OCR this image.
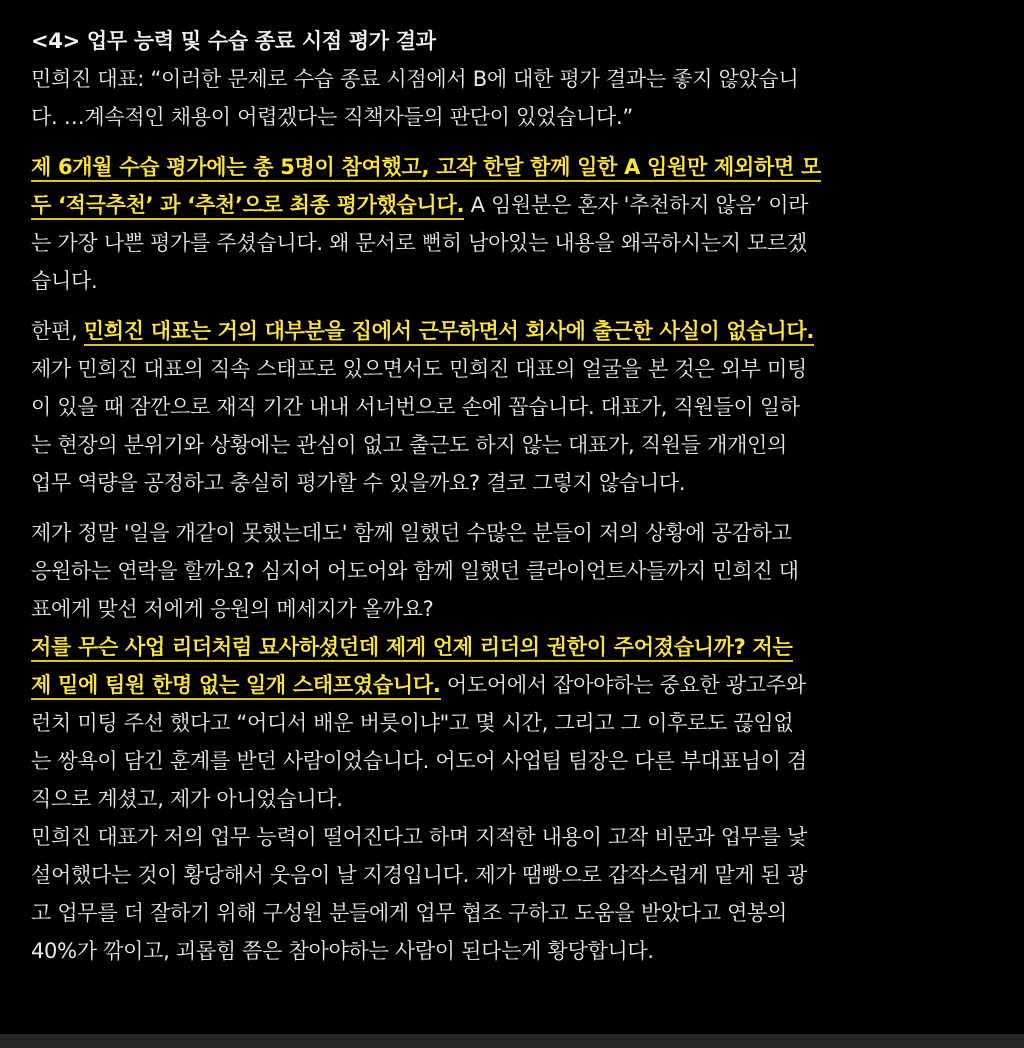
<4> 업무 능력 및 수습 종료 시점 평가 결과
민희진 대표: “이러한 문제로 수습 종료 시점에서 B에 대한 평가 결과는 좋지 않았습니
다. …계속적인 채용이 어렵겠다는 직책자들의 판단이 있었습니다.”
제 6개월 수습 평가에는 총 5명이 참여했고, 고작 한달 함께 일한 A 임원만 제외하면 모
두 ‘적극추천’ 과 ‘추천’으로 최종 평가했습니다. A 임원분은 혼자 '추천하지 않음’ 이라
는 가장 나쁜 평가를 주셨습니다. 왜 문서로 뻔히 남아있는 내용을 왜곡하시는지 모르겠
습니다.
한편, 민희진 대표는 거의 대부분을 집에서 근무하면서 회사에 출근한 사실이 없습니다.
제가 민희진 대표의 직속 스태프로 있으면서도 민희진 대표의 얼굴을 본 것은 외부 미팅
이 있을 때 잠깐으로 재직 기간 내내 서너번으로 손에 꼽습니다. 대표가, 직원들이 일하
는 현장의 분위기와 상황에는 관심이 없고 출근도 하지 않는 대표가, 직원들 개개인의
업무 역량을 공정하고 충실히 평가할 수 있을까요? 결코 그렇지 않습니다.
제가 정말 '일을 개같이 못했는데도' 함께 일했던 수많은 분들이 저의 상황에 공감하고
응원하는 연락을 할까요? 심지어 어도어와 함께 일했던 클라이언트사들까지 민희진 대
표에게 맞선 저에게 응원의 메세지가 올까요?
저를 무슨 사업 리더처럼 묘사하셨던데 제게 언제 리더의 권한이 주어졌습니까? 저는
제 밑에 팀원 한명 없는 일개 스태프였습니다. 어도어에서 잡아야하는 중요한 광고주와
런치 미팅 주선 했다고 “어디서 배운 버릇이냐"고 몇 시간, 그리고 그 이후로도 끊임없
는 쌍욕이 담긴 훈계를 받던 사람이었습니다. 어도어 사업팀 팀장은 다른 부대표님이 겸
직으로 계셨고, 제가 아니었습니다.
민희진 대표가 저의 업무 능력이 떨어진다고 하며 지적한 내용이 고작 비문과 업무를 낯
설어했다는 것이 황당해서 웃음이 날 지경입니다. 제가 땜빵으로 갑작스럽게 맡게 된 광
고 업무를 더 잘하기 위해 구성원 분들에게 업무 협조 구하고 도움을 받았다고 연봉의
40%가 깎이고, 괴롭힘 쯤은 참아야하는 사람이 된다는게 황당합니다.
